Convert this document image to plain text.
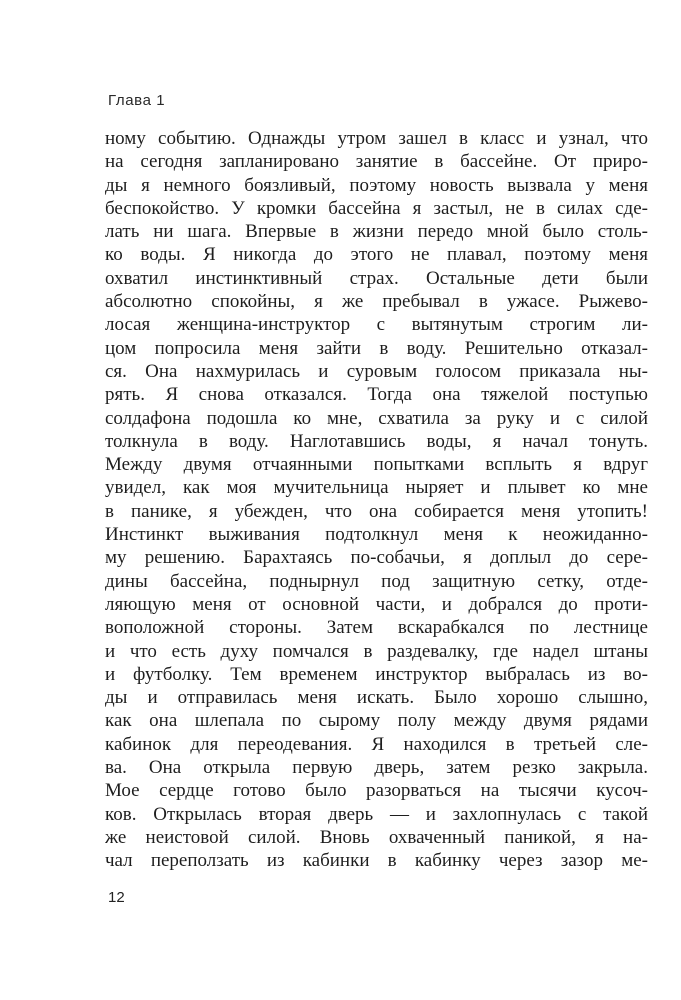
Глава 1
ному событию. Однажды утром зашел в класс и узнал, что
на сегодня запланировано занятие в бассейне. От приро-
ды я немного боязливый, поэтому новость вызвала у меня
беспокойство. У кромки бассейна я застыл, не в силах сде-
лать ни шага. Впервые в жизни передо мной было столь-
ко воды. Я никогда до этого не плавал, поэтому меня
охватил инстинктивный страх. Остальные дети были
абсолютно спокойны, я же пребывал в ужасе. Рыжево-
лосая женщина-инструктор с вытянутым строгим ли-
цом попросила меня зайти в воду. Решительно отказал-
ся. Она нахмурилась и суровым голосом приказала ны-
рять. Я снова отказался. Тогда она тяжелой поступью
солдафона подошла ко мне, схватила за руку и с силой
толкнула в воду. Наглотавшись воды, я начал тонуть.
Между двумя отчаянными попытками всплыть я вдруг
увидел, как моя мучительница ныряет и плывет ко мне
в панике, я убежден, что она собирается меня утопить!
Инстинкт выживания подтолкнул меня к неожиданно-
му решению. Барахтаясь по-собачьи, я доплыл до сере-
дины бассейна, поднырнул под защитную сетку, отде-
ляющую меня от основной части, и добрался до проти-
воположной стороны. Затем вскарабкался по лестнице
и что есть духу помчался в раздевалку, где надел штаны
и футболку. Тем временем инструктор выбралась из во-
ды и отправилась меня искать. Было хорошо слышно,
как она шлепала по сырому полу между двумя рядами
кабинок для переодевания. Я находился в третьей сле-
ва. Она открыла первую дверь, затем резко закрыла.
Мое сердце готово было разорваться на тысячи кусоч-
ков. Открылась вторая дверь — и захлопнулась с такой
же неистовой силой. Вновь охваченный паникой, я на-
чал переползать из кабинки в кабинку через зазор ме-
12
